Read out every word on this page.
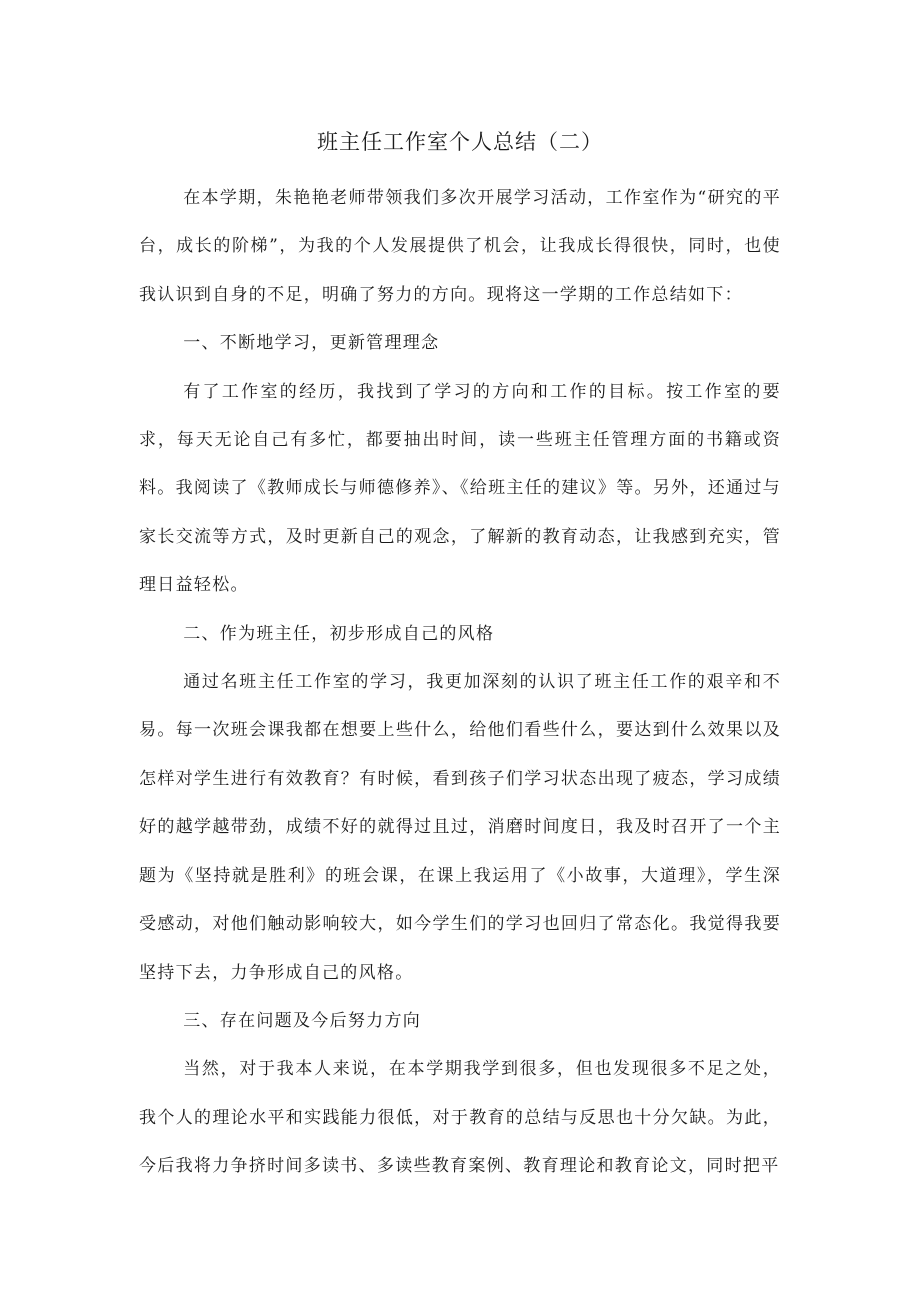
班主任工作室个人总结（二）

在本学期，朱艳艳老师带领我们多次开展学习活动，工作室作为“研究的平台，成长的阶梯”，为我的个人发展提供了机会，让我成长得很快，同时，也使我认识到自身的不足，明确了努力的方向。现将这一学期的工作总结如下：

一、不断地学习，更新管理理念

有了工作室的经历，我找到了学习的方向和工作的目标。按工作室的要求，每天无论自己有多忙，都要抽出时间，读一些班主任管理方面的书籍或资料。我阅读了《教师成长与师德修养》、《给班主任的建议》等。另外，还通过与家长交流等方式，及时更新自己的观念，了解新的教育动态，让我感到充实，管理日益轻松。

二、作为班主任，初步形成自己的风格

通过名班主任工作室的学习，我更加深刻的认识了班主任工作的艰辛和不易。每一次班会课我都在想要上些什么，给他们看些什么，要达到什么效果以及怎样对学生进行有效教育？有时候，看到孩子们学习状态出现了疲态，学习成绩好的越学越带劲，成绩不好的就得过且过，消磨时间度日，我及时召开了一个主题为《坚持就是胜利》的班会课，在课上我运用了《小故事，大道理》，学生深受感动，对他们触动影响较大，如今学生们的学习也回归了常态化。我觉得我要坚持下去，力争形成自己的风格。

三、存在问题及今后努力方向

当然，对于我本人来说，在本学期我学到很多，但也发现很多不足之处，我个人的理论水平和实践能力很低，对于教育的总结与反思也十分欠缺。为此，今后我将力争挤时间多读书、多读些教育案例、教育理论和教育论文，同时把平
